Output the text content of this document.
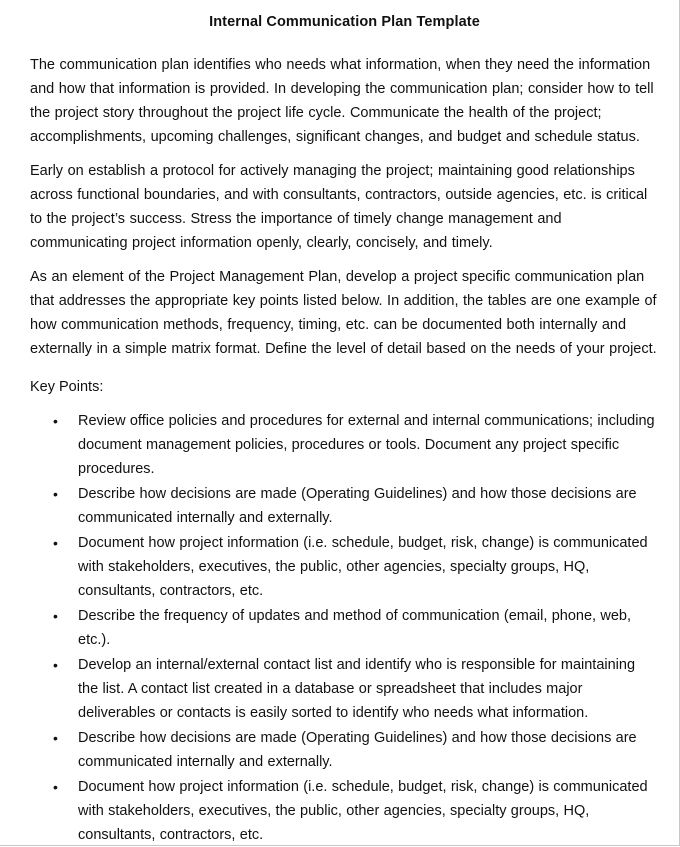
Internal Communication Plan Template

The communication plan identifies who needs what information, when they need the information and how that information is provided. In developing the communication plan; consider how to tell the project story throughout the project life cycle. Communicate the health of the project; accomplishments, upcoming challenges, significant changes, and budget and schedule status.

Early on establish a protocol for actively managing the project; maintaining good relationships across functional boundaries, and with consultants, contractors, outside agencies, etc. is critical to the project’s success. Stress the importance of timely change management and communicating project information openly, clearly, concisely, and timely.

As an element of the Project Management Plan, develop a project specific communication plan that addresses the appropriate key points listed below. In addition, the tables are one example of how communication methods, frequency, timing, etc. can be documented both internally and externally in a simple matrix format. Define the level of detail based on the needs of your project.

Key Points:
• Review office policies and procedures for external and internal communications; including document management policies, procedures or tools. Document any project specific procedures.
• Describe how decisions are made (Operating Guidelines) and how those decisions are communicated internally and externally.
• Document how project information (i.e. schedule, budget, risk, change) is communicated with stakeholders, executives, the public, other agencies, specialty groups, HQ, consultants, contractors, etc.
• Describe the frequency of updates and method of communication (email, phone, web, etc.).
• Develop an internal/external contact list and identify who is responsible for maintaining the list. A contact list created in a database or spreadsheet that includes major deliverables or contacts is easily sorted to identify who needs what information.
• Describe how decisions are made (Operating Guidelines) and how those decisions are communicated internally and externally.
• Document how project information (i.e. schedule, budget, risk, change) is communicated with stakeholders, executives, the public, other agencies, specialty groups, HQ, consultants, contractors, etc.
